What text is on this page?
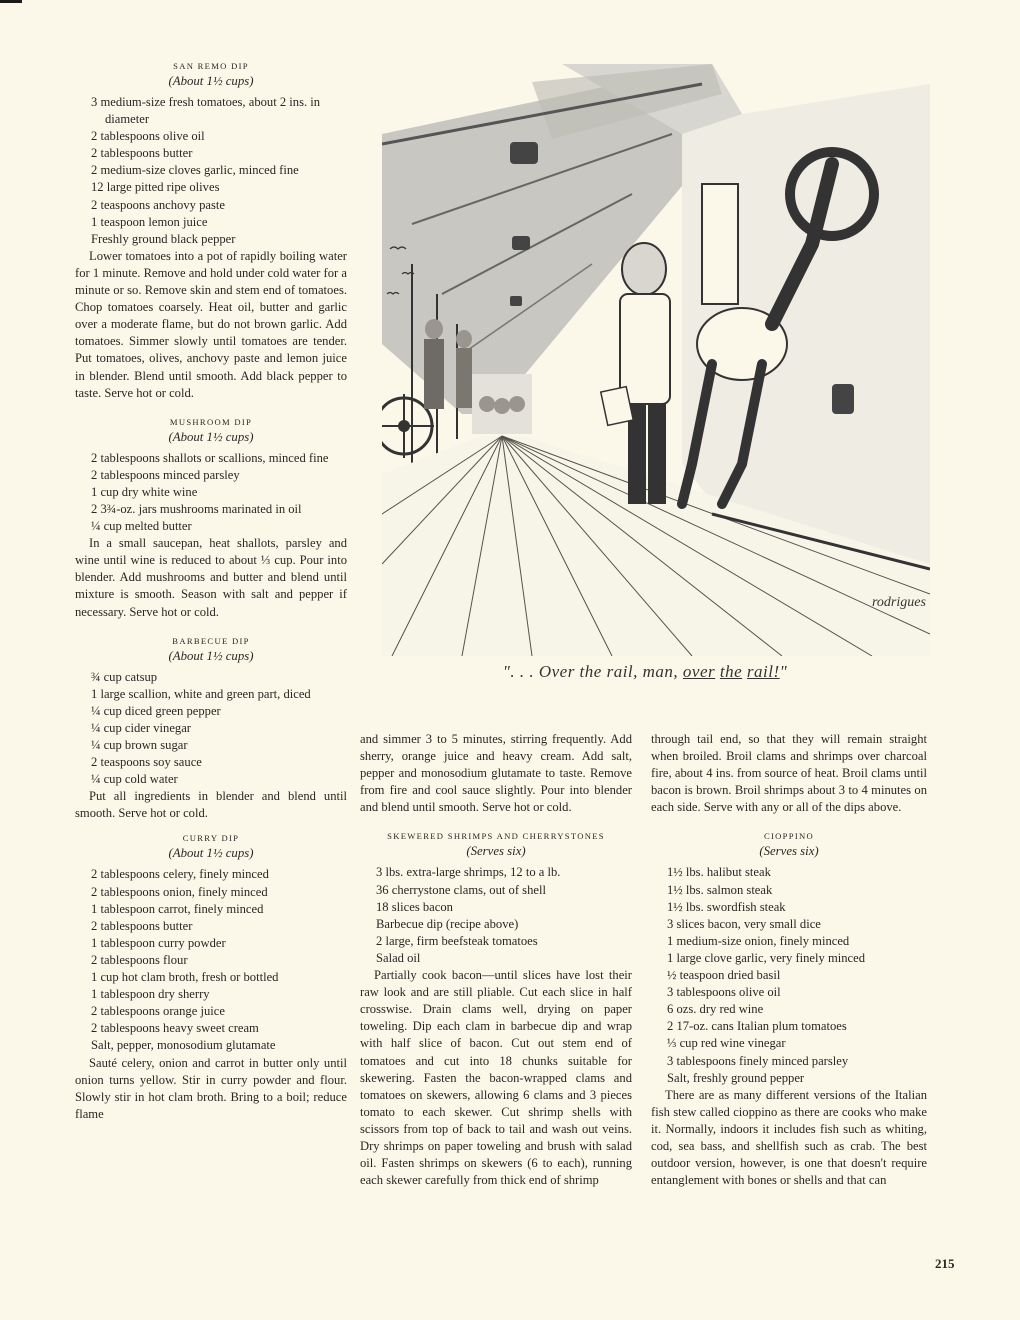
SAN REMO DIP
(About 1½ cups)
3 medium-size fresh tomatoes, about 2 ins. in diameter
2 tablespoons olive oil
2 tablespoons butter
2 medium-size cloves garlic, minced fine
12 large pitted ripe olives
2 teaspoons anchovy paste
1 teaspoon lemon juice
Freshly ground black pepper

Lower tomatoes into a pot of rapidly boiling water for 1 minute. Remove and hold under cold water for a minute or so. Remove skin and stem end of tomatoes. Chop tomatoes coarsely. Heat oil, butter and garlic over a moderate flame, but do not brown garlic. Add tomatoes. Simmer slowly until tomatoes are tender. Put tomatoes, olives, anchovy paste and lemon juice in blender. Blend until smooth. Add black pepper to taste. Serve hot or cold.

MUSHROOM DIP
(About 1½ cups)
2 tablespoons shallots or scallions, minced fine
2 tablespoons minced parsley
1 cup dry white wine
2 3¾-oz. jars mushrooms marinated in oil
¼ cup melted butter

In a small saucepan, heat shallots, parsley and wine until wine is reduced to about ⅓ cup. Pour into blender. Add mushrooms and butter and blend until mixture is smooth. Season with salt and pepper if necessary. Serve hot or cold.

BARBECUE DIP
(About 1½ cups)
¾ cup catsup
1 large scallion, white and green part, diced
¼ cup diced green pepper
¼ cup cider vinegar
¼ cup brown sugar
2 teaspoons soy sauce
¼ cup cold water

Put all ingredients in blender and blend until smooth. Serve hot or cold.

CURRY DIP
(About 1½ cups)
2 tablespoons celery, finely minced
2 tablespoons onion, finely minced
1 tablespoon carrot, finely minced
2 tablespoons butter
1 tablespoon curry powder
2 tablespoons flour
1 cup hot clam broth, fresh or bottled
1 tablespoon dry sherry
2 tablespoons orange juice
2 tablespoons heavy sweet cream
Salt, pepper, monosodium glutamate

Sauté celery, onion and carrot in butter only until onion turns yellow. Stir in curry powder and flour. Slowly stir in hot clam broth. Bring to a boil; reduce flame

rodrigues
". . . Over the rail, man, over the rail!"

and simmer 3 to 5 minutes, stirring frequently. Add sherry, orange juice and heavy cream. Add salt, pepper and monosodium glutamate to taste. Remove from fire and cool sauce slightly. Pour into blender and blend until smooth. Serve hot or cold.

SKEWERED SHRIMPS AND CHERRYSTONES
(Serves six)
3 lbs. extra-large shrimps, 12 to a lb.
36 cherrystone clams, out of shell
18 slices bacon
Barbecue dip (recipe above)
2 large, firm beefsteak tomatoes
Salad oil

Partially cook bacon—until slices have lost their raw look and are still pliable. Cut each slice in half crosswise. Drain clams well, drying on paper toweling. Dip each clam in barbecue dip and wrap with half slice of bacon. Cut out stem end of tomatoes and cut into 18 chunks suitable for skewering. Fasten the bacon-wrapped clams and tomatoes on skewers, allowing 6 clams and 3 pieces tomato to each skewer. Cut shrimp shells with scissors from top of back to tail and wash out veins. Dry shrimps on paper toweling and brush with salad oil. Fasten shrimps on skewers (6 to each), running each skewer carefully from thick end of shrimp

through tail end, so that they will remain straight when broiled. Broil clams and shrimps over charcoal fire, about 4 ins. from source of heat. Broil clams until bacon is brown. Broil shrimps about 3 to 4 minutes on each side. Serve with any or all of the dips above.

CIOPPINO
(Serves six)
1½ lbs. halibut steak
1½ lbs. salmon steak
1½ lbs. swordfish steak
3 slices bacon, very small dice
1 medium-size onion, finely minced
1 large clove garlic, very finely minced
½ teaspoon dried basil
3 tablespoons olive oil
6 ozs. dry red wine
2 17-oz. cans Italian plum tomatoes
⅓ cup red wine vinegar
3 tablespoons finely minced parsley
Salt, freshly ground pepper

There are as many different versions of the Italian fish stew called cioppino as there are cooks who make it. Normally, indoors it includes fish such as whiting, cod, sea bass, and shellfish such as crab. The best outdoor version, however, is one that doesn't require entanglement with bones or shells and that can

215
